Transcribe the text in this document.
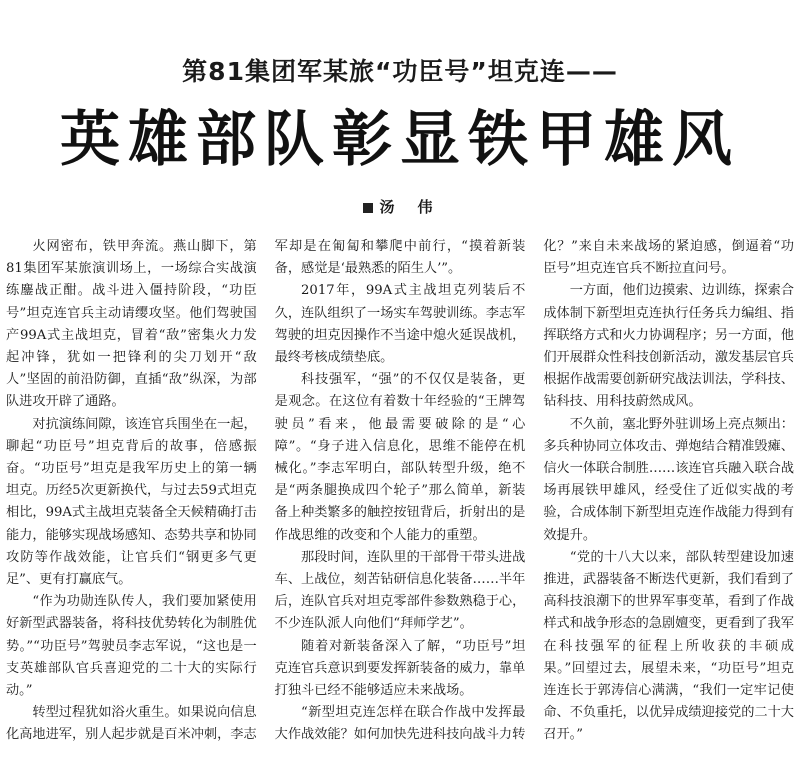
第81集团军某旅“功臣号”坦克连——
英雄部队彰显铁甲雄风
汤　伟

火网密布，铁甲奔流。燕山脚下，第81集团军某旅演训场上，一场综合实战演练鏖战正酣。战斗进入僵持阶段，“功臣号”坦克连官兵主动请缨攻坚。他们驾驶国产99A式主战坦克，冒着“敌”密集火力发起冲锋，犹如一把锋利的尖刀划开“敌人”坚固的前沿防御，直插“敌”纵深，为部队进攻开辟了通路。

对抗演练间隙，该连官兵围坐在一起，聊起“功臣号”坦克背后的故事，倍感振奋。“功臣号”坦克是我军历史上的第一辆坦克。历经5次更新换代，与过去59式坦克相比，99A式主战坦克装备全天候精确打击能力，能够实现战场感知、态势共享和协同攻防等作战效能，让官兵们“钢更多气更足”、更有打赢底气。

“作为功勋连队传人，我们要加紧使用好新型武器装备，将科技优势转化为制胜优势。”“功臣号”驾驶员李志军说，“这也是一支英雄部队官兵喜迎党的二十大的实际行动。”

转型过程犹如浴火重生。如果说向信息化高地进军，别人起步就是百米冲刺，李志军却是在匍匐和攀爬中前行，“摸着新装备，感觉是‘最熟悉的陌生人’”。

2017年，99A式主战坦克列装后不久，连队组织了一场实车驾驶训练。李志军驾驶的坦克因操作不当途中熄火延误战机，最终考核成绩垫底。

科技强军，“强”的不仅仅是装备，更是观念。在这位有着数十年经验的“王牌驾驶员”看来，他最需要破除的是“心障”。“身子进入信息化，思维不能停在机械化。”李志军明白，部队转型升级，绝不是“两条腿换成四个轮子”那么简单，新装备上种类繁多的触控按钮背后，折射出的是作战思维的改变和个人能力的重塑。

那段时间，连队里的干部骨干带头进战车、上战位，刻苦钻研信息化装备……半年后，连队官兵对坦克零部件参数熟稳于心，不少连队派人向他们“拜师学艺”。

随着对新装备深入了解，“功臣号”坦克连官兵意识到要发挥新装备的威力，靠单打独斗已经不能够适应未来战场。

“新型坦克连怎样在联合作战中发挥最大作战效能？如何加快先进科技向战斗力转化？”来自未来战场的紧迫感，倒逼着“功臣号”坦克连官兵不断拉直问号。

一方面，他们边摸索、边训练，探索合成体制下新型坦克连执行任务兵力编组、指挥联络方式和火力协调程序；另一方面，他们开展群众性科技创新活动，激发基层官兵根据作战需要创新研究战法训法，学科技、钻科技、用科技蔚然成风。

不久前，塞北野外驻训场上亮点频出：多兵种协同立体攻击、弹炮结合精准毁瘫、信火一体联合制胜……该连官兵融入联合战场再展铁甲雄风，经受住了近似实战的考验，合成体制下新型坦克连作战能力得到有效提升。

“党的十八大以来，部队转型建设加速推进，武器装备不断迭代更新，我们看到了高科技浪潮下的世界军事变革，看到了作战样式和战争形态的急剧嬗变，更看到了我军在科技强军的征程上所收获的丰硕成果。”回望过去，展望未来，“功臣号”坦克连连长于郭涛信心满满，“我们一定牢记使命、不负重托，以优异成绩迎接党的二十大召开。”
